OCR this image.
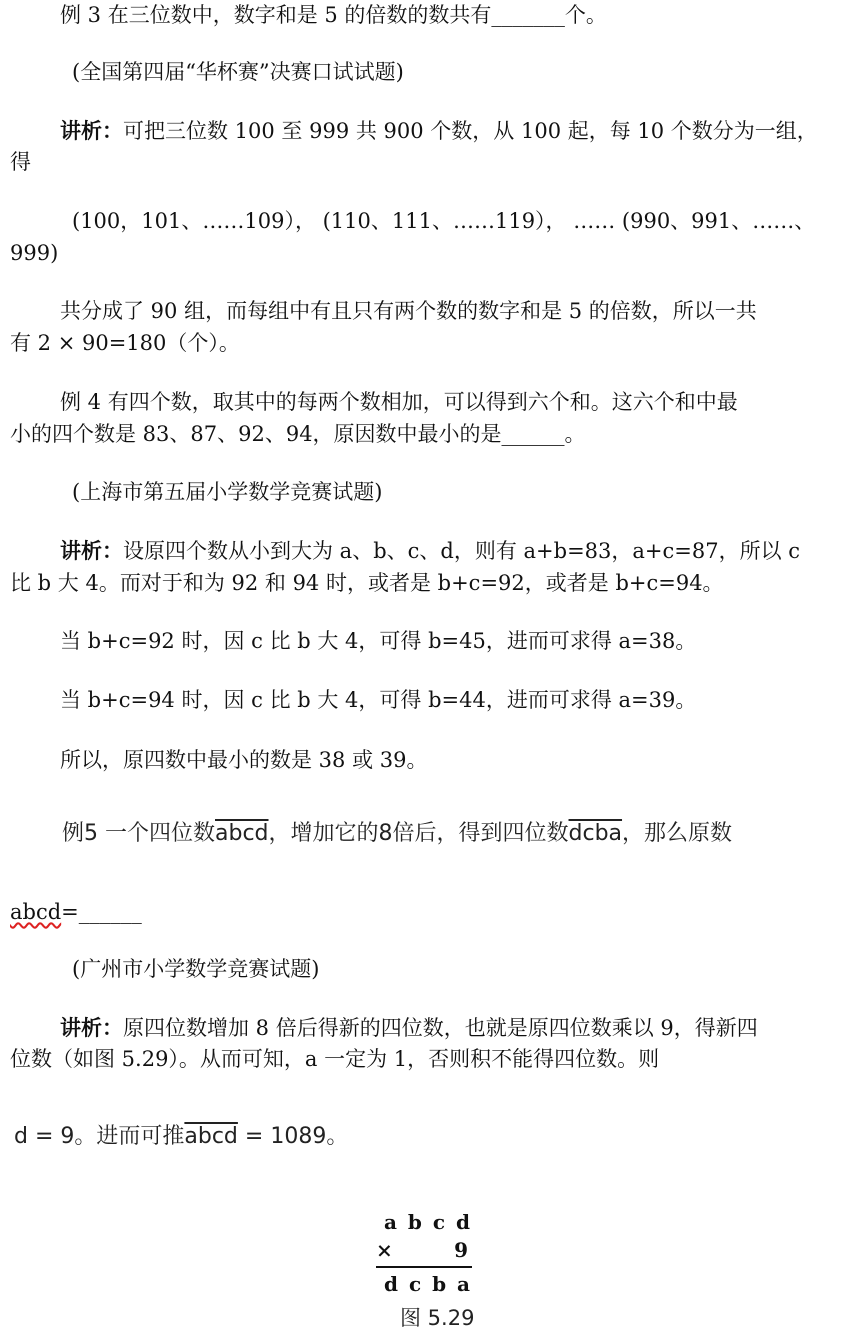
例 3 在三位数中，数字和是 5 的倍数的数共有_______个。
(全国第四届“华杯赛”决赛口试试题)
讲析：可把三位数 100 至 999 共 900 个数，从 100 起，每 10 个数分为一组，
得
(100，101、……109）， (110、111、……119）， …… (990、991、……、
999)
共分成了 90 组，而每组中有且只有两个数的数字和是 5 的倍数，所以一共
有 2 × 90=180（个）。
例 4 有四个数，取其中的每两个数相加，可以得到六个和。这六个和中最
小的四个数是 83、87、92、94，原因数中最小的是______。
(上海市第五届小学数学竞赛试题)
讲析：设原四个数从小到大为 a、b、c、d，则有 a+b=83，a+c=87，所以 c
比 b 大 4。而对于和为 92 和 94 时，或者是 b+c=92，或者是 b+c=94。
当 b+c=92 时，因 c 比 b 大 4，可得 b=45，进而可求得 a=38。
当 b+c=94 时，因 c 比 b 大 4，可得 b=44，进而可求得 a=39。
所以，原四数中最小的数是 38 或 39。
例5 一个四位数abcd，增加它的8倍后，得到四位数dcba，那么原数
abcd=______
(广州市小学数学竞赛试题)
讲析：原四位数增加 8 倍后得新的四位数，也就是原四位数乘以 9，得新四
位数（如图 5.29）。从而可知，a 一定为 1，否则积不能得四位数。则
d = 9。进而可推abcd = 1089。
a b c d
×	9
d c b a
图 5.29
